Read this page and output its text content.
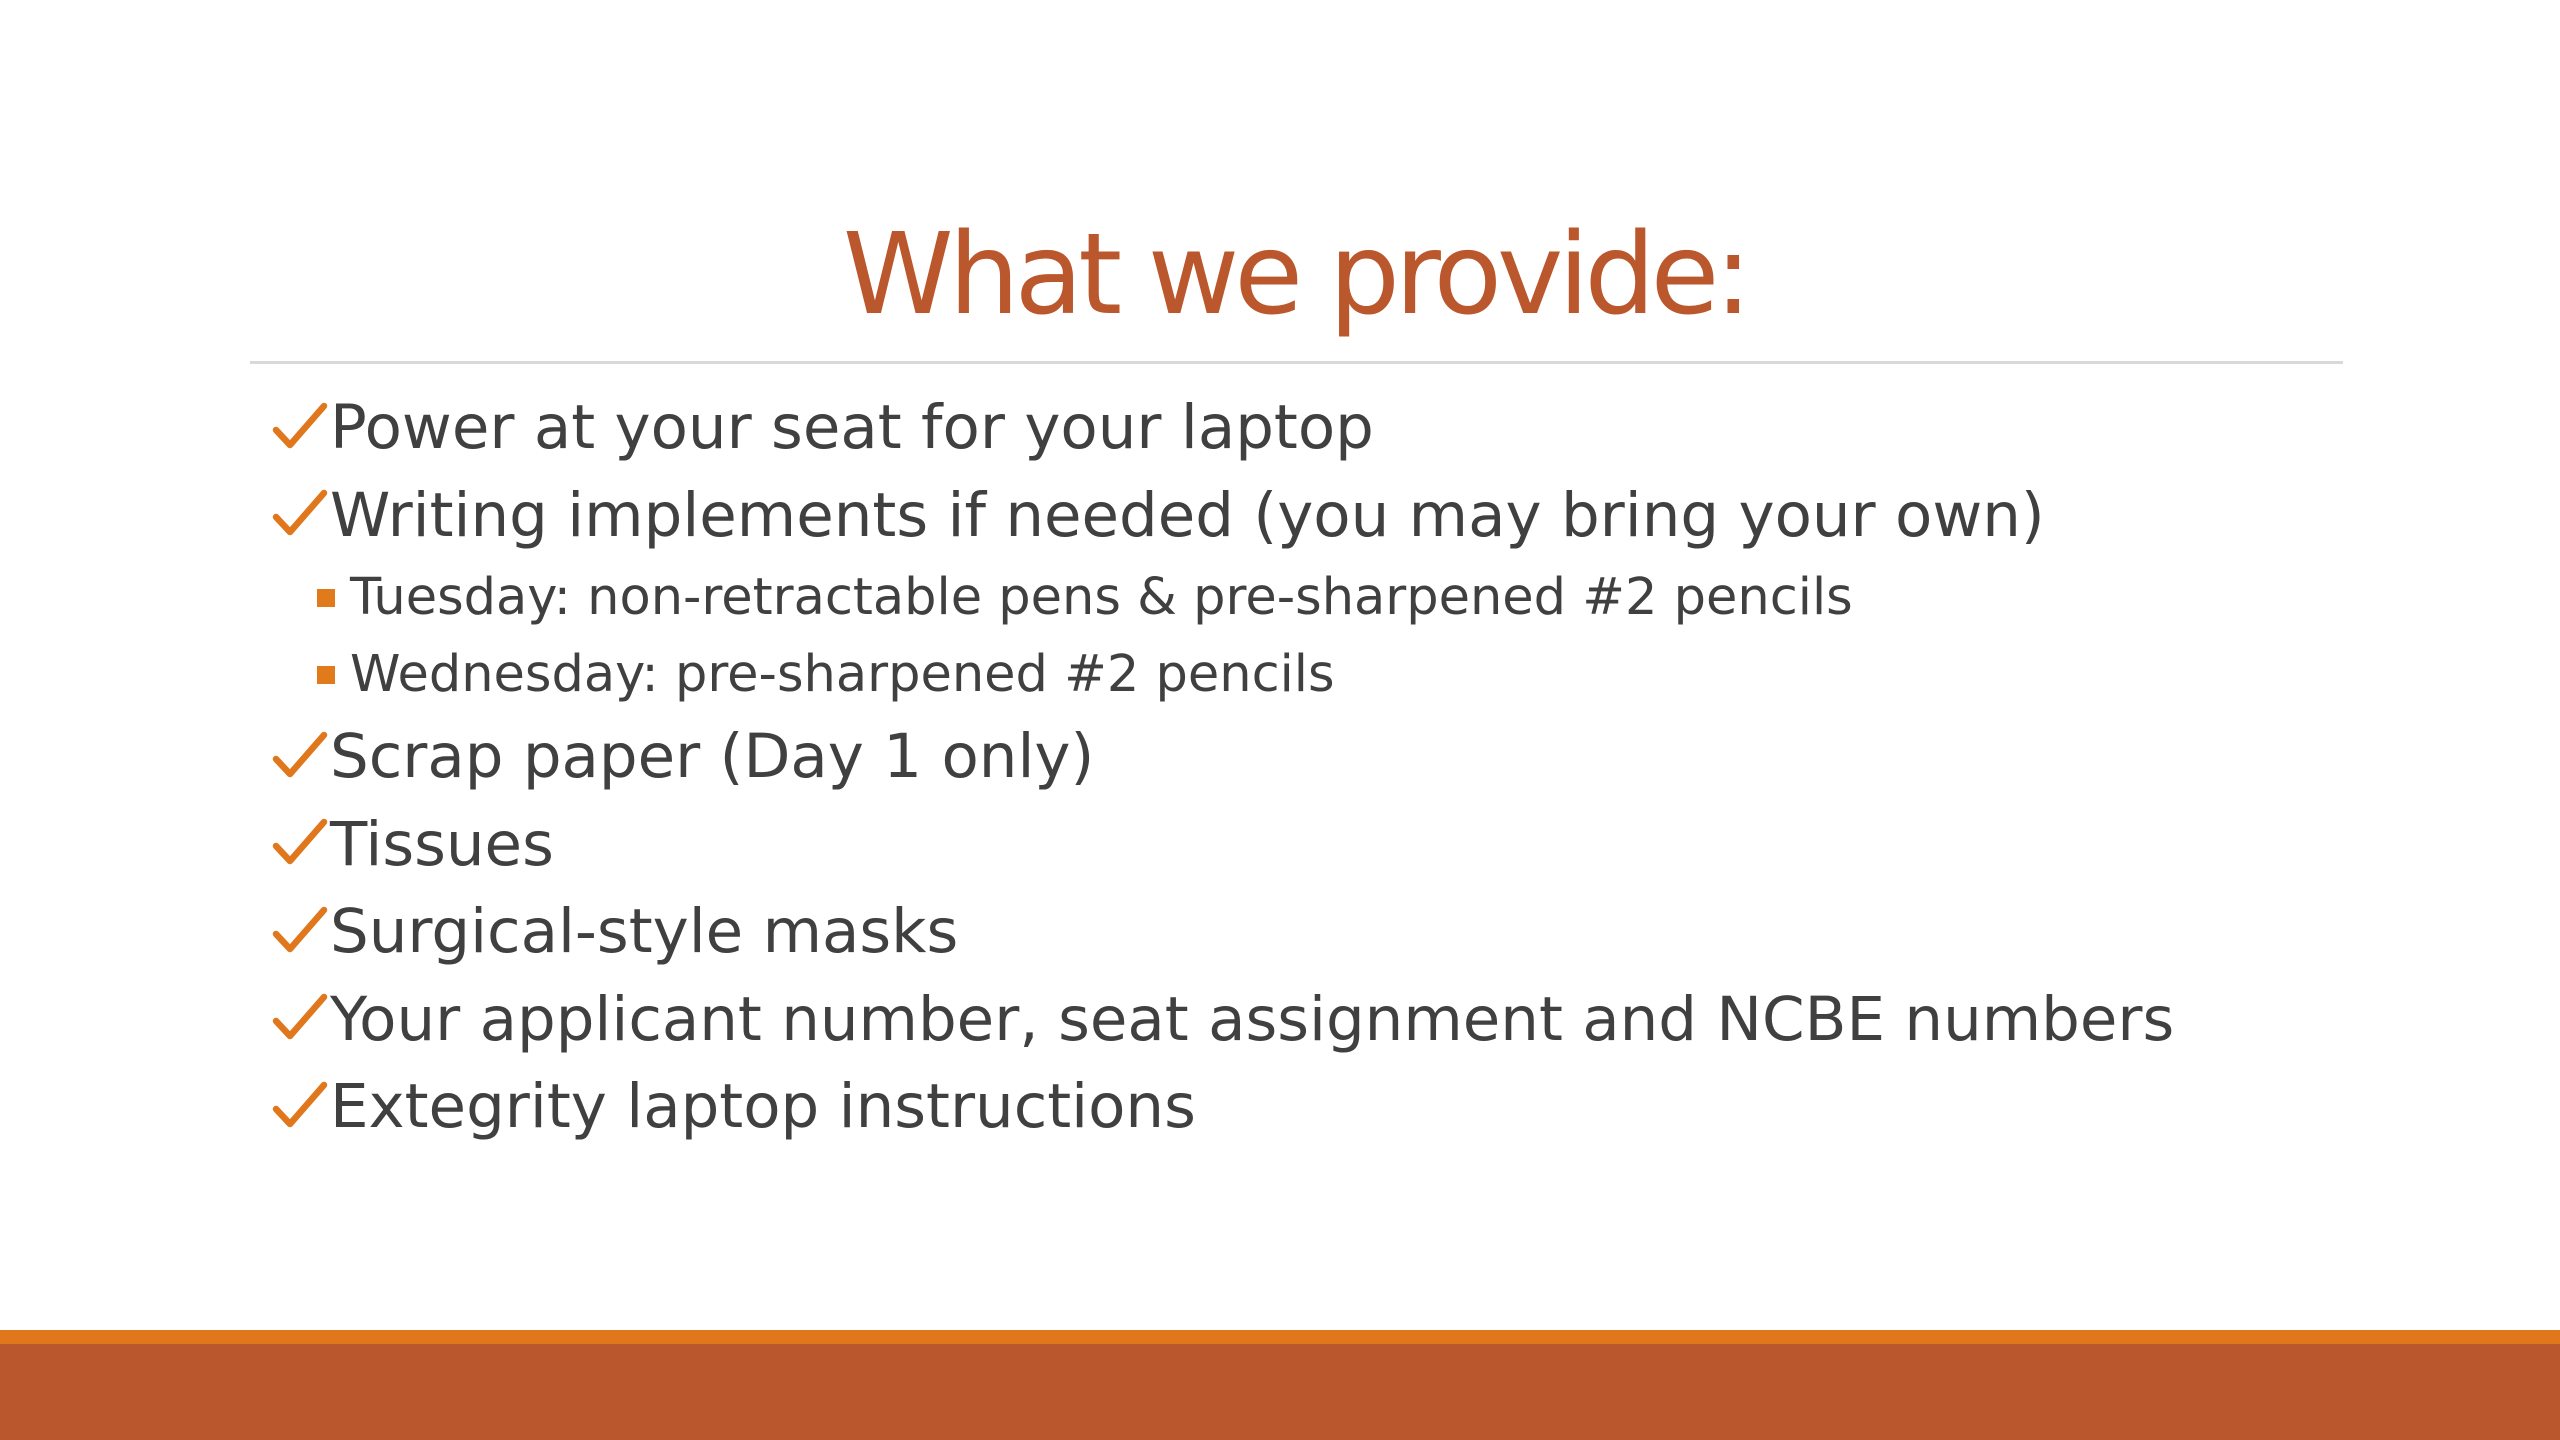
What we provide:
Power at your seat for your laptop
Writing implements if needed (you may bring your own)
Tuesday: non-retractable pens & pre-sharpened #2 pencils
Wednesday: pre-sharpened #2 pencils
Scrap paper (Day 1 only)
Tissues
Surgical-style masks
Your applicant number, seat assignment and NCBE numbers
Extegrity laptop instructions
